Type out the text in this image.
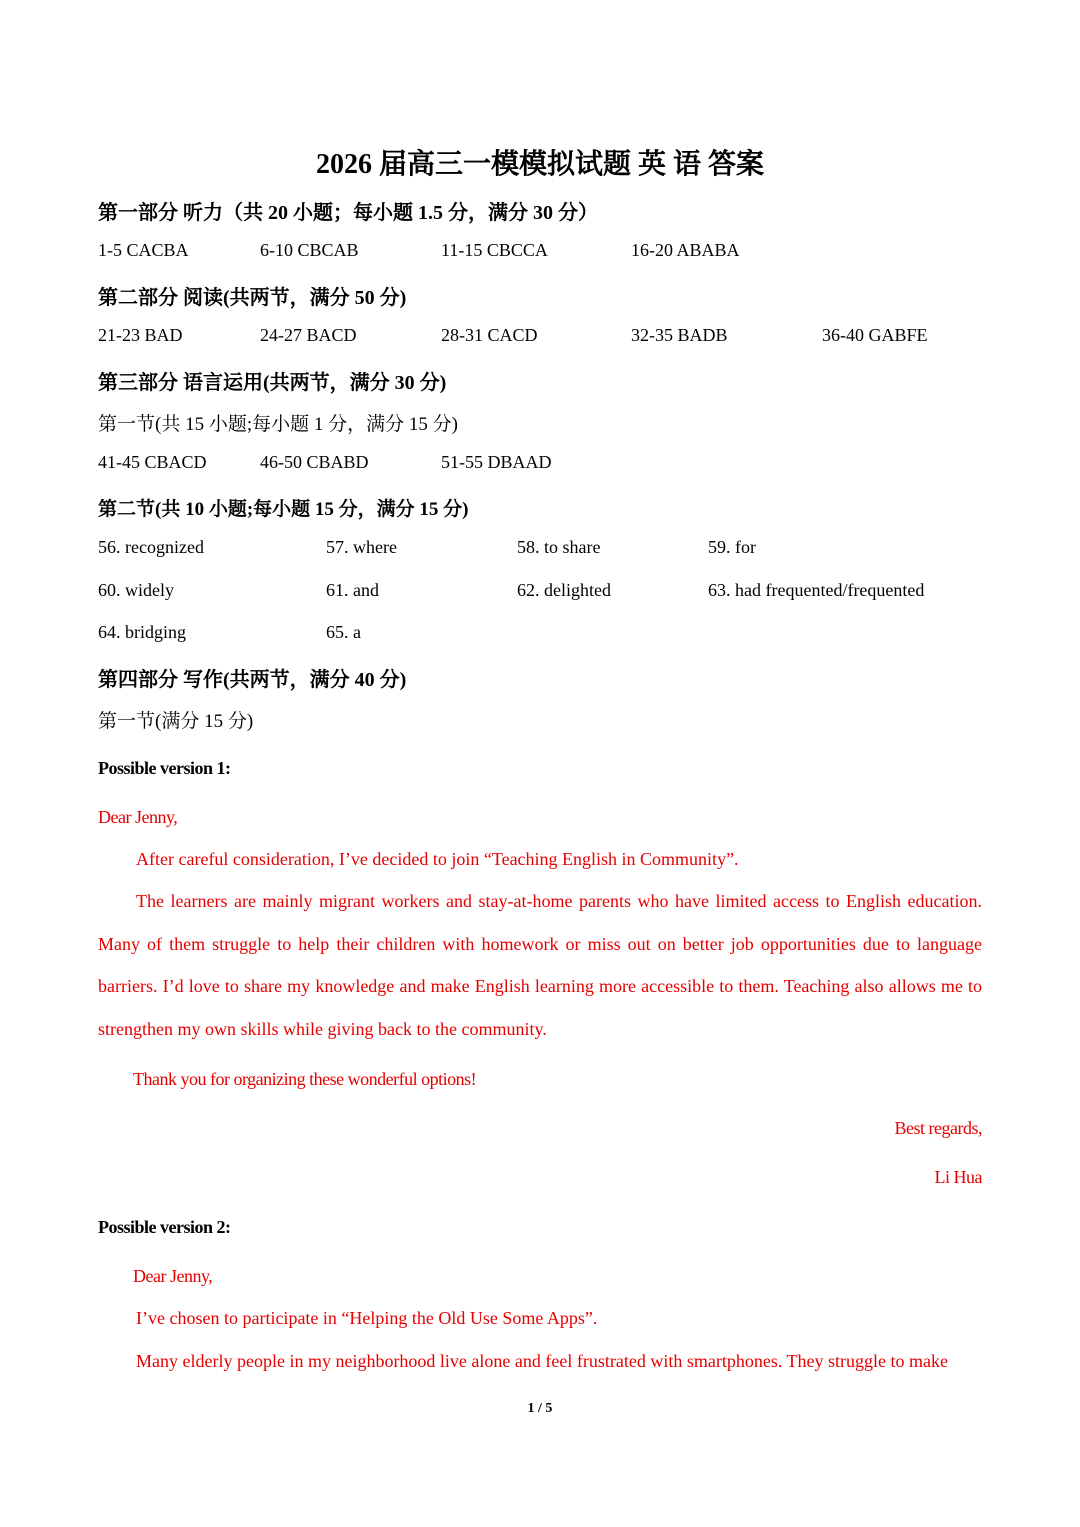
2026 届高三一模模拟试题 英 语 答案
第一部分 听力（共 20 小题；每小题 1.5 分，满分 30 分）
1-5 CACBA	6-10 CBCAB	11-15 CBCCA	16-20 ABABA
第二部分 阅读(共两节，满分 50 分)
21-23 BAD	24-27 BACD	28-31 CACD	32-35 BADB	36-40 GABFE
第三部分 语言运用(共两节，满分 30 分)
第一节(共 15 小题;每小题 1 分，满分 15 分)
41-45 CBACD	46-50 CBABD	51-55 DBAAD
第二节(共 10 小题;每小题 15 分，满分 15 分)
56. recognized	57. where	58. to share	59. for
60. widely	61. and	62. delighted	63. had frequented/frequented
64. bridging	65. a
第四部分 写作(共两节，满分 40 分)
第一节(满分 15 分)
Possible version 1:
Dear Jenny,
After careful consideration, I’ve decided to join “Teaching English in Community”.
The learners are mainly migrant workers and stay-at-home parents who have limited access to English education. Many of them struggle to help their children with homework or miss out on better job opportunities due to language barriers. I’d love to share my knowledge and make English learning more accessible to them. Teaching also allows me to strengthen my own skills while giving back to the community.
Thank you for organizing these wonderful options!
Best regards,
Li Hua
Possible version 2:
Dear Jenny,
I’ve chosen to participate in “Helping the Old Use Some Apps”.
Many elderly people in my neighborhood live alone and feel frustrated with smartphones. They struggle to make
1 / 5
